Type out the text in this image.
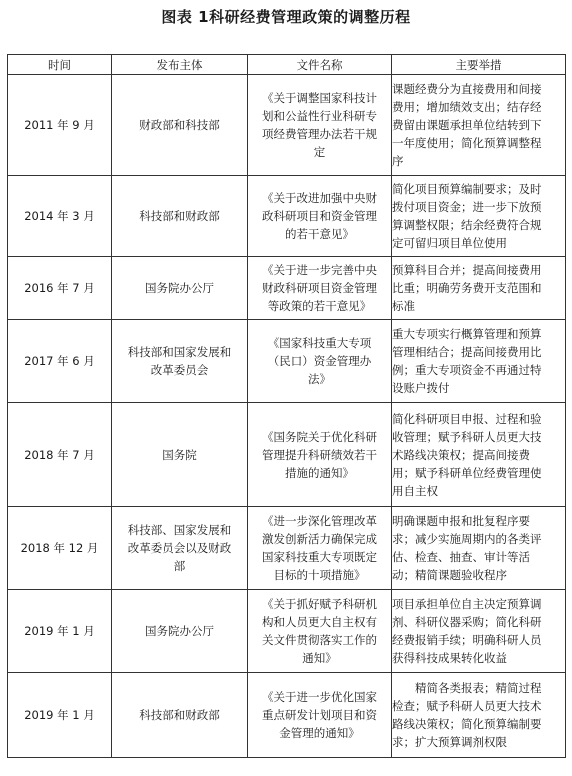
图表 1科研经费管理政策的调整历程
时间	发布主体	文件名称	主要举措
2011 年 9 月	财政部和科技部	《关于调整国家科技计
划和公益性行业科研专
项经费管理办法若干规
定	课题经费分为直接费用和间接
费用；增加绩效支出；结存经
费留由课题承担单位结转到下
一年度使用；简化预算调整程
序

2014 年 3 月	科技部和财政部	《关于改进加强中央财
政科研项目和资金管理
的若干意见》	简化项目预算编制要求；及时
拨付项目资金；进一步下放预
算调整权限；结余经费符合规
定可留归项目单位使用

2016 年 7 月	国务院办公厅	《关于进一步完善中央
财政科研项目资金管理
等政策的若干意见》	预算科目合并；提高间接费用
比重；明确劳务费开支范围和
标准

2017 年 6 月	科技部和国家发展和
改革委员会	《国家科技重大专项
（民口）资金管理办
法》	重大专项实行概算管理和预算
管理相结合；提高间接费用比
例；重大专项资金不再通过特
设账户拨付

2018 年 7 月	国务院	《国务院关于优化科研
管理提升科研绩效若干
措施的通知》	简化科研项目申报、过程和验
收管理；赋予科研人员更大技
术路线决策权；提高间接费
用；赋予科研单位经费管理使
用自主权

2018 年 12 月	科技部、国家发展和
改革委员会以及财政
部	《进一步深化管理改革
激发创新活力确保完成
国家科技重大专项既定
目标的十项措施》	明确课题申报和批复程序要
求；减少实施周期内的各类评
估、检查、抽查、审计等活
动；精简课题验收程序

2019 年 1 月	国务院办公厅	《关于抓好赋予科研机
构和人员更大自主权有
关文件贯彻落实工作的
通知》	项目承担单位自主决定预算调
剂、科研仪器采购；简化科研
经费报销手续；明确科研人员
获得科技成果转化收益

2019 年 1 月	科技部和财政部	《关于进一步优化国家
重点研发计划项目和资
金管理的通知》	　　精简各类报表；精简过程
检查；赋予科研人员更大技术
路线决策权；简化预算编制要
求；扩大预算调剂权限
